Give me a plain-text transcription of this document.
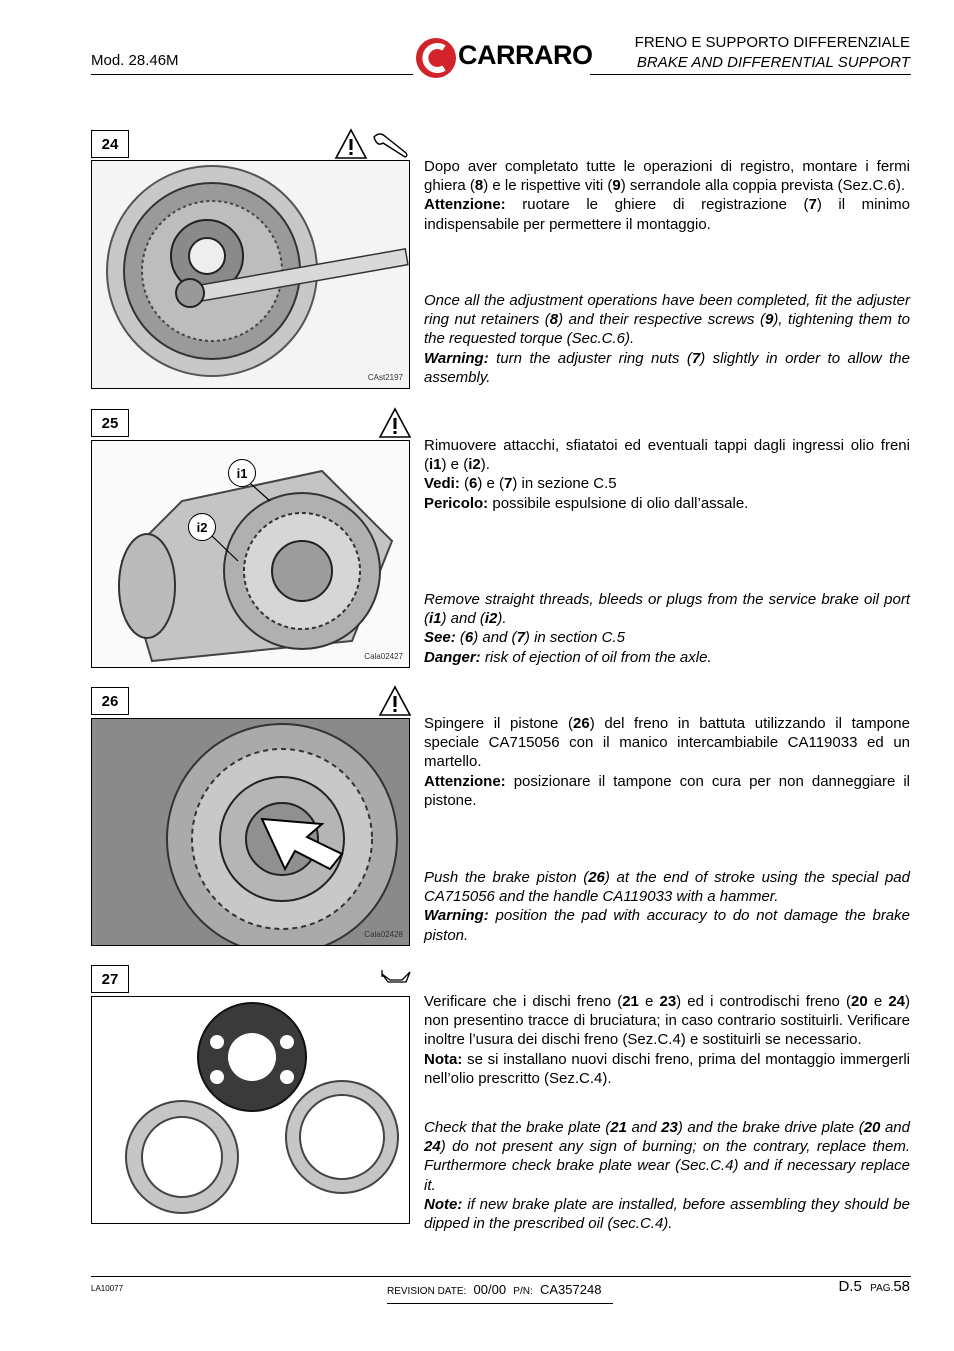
Mod. 28.46M	CARRARO	FRENO E SUPPORTO DIFFERENZIALE
BRAKE AND DIFFERENTIAL SUPPORT
24
CAst2197

Dopo aver completato tutte le operazioni di registro, montare i fermi ghiera (8) e le rispettive viti (9) serrandole alla coppia prevista (Sez.C.6).

Attenzione: ruotare le ghiere di registrazione (7) il minimo indispensabile per permettere il montaggio.

Once all the adjustment operations have been completed, fit the adjuster ring nut retainers (8) and their respective screws (9), tightening them to the requested torque (Sec.C.6).

Warning: turn the adjuster ring nuts (7) slightly in order to allow the assembly.

25
i1
i2
Cala02427

Rimuovere attacchi, sfiatatoi ed eventuali tappi dagli ingressi olio freni (i1) e (i2).

Vedi: (6) e (7) in sezione C.5

Pericolo: possibile espulsione di olio dall’assale.

Remove straight threads, bleeds or plugs from the service brake oil port (i1) and (i2).

See: (6) and (7) in section C.5

Danger: risk of ejection of oil from the axle.

26
Cala02428

Spingere il pistone (26) del freno in battuta utilizzando il tampone speciale CA715056 con il manico intercambiabile CA119033 ed un martello.

Attenzione: posizionare il tampone con cura per non danneggiare il pistone.

Push the brake piston (26) at the end of stroke using the special pad CA715056 and the handle CA119033 with a hammer.

Warning: position the pad with accuracy to do not damage the brake piston.

27

Verificare che i dischi freno (21 e 23) ed i controdischi freno (20 e 24) non presentino tracce di bruciatura; in caso contrario sostituirli. Verificare inoltre l’usura dei dischi freno (Sez.C.4) e sostituirli se necessario.

Nota: se si installano nuovi dischi freno, prima del montaggio immergerli nell’olio prescritto (Sez.C.4).

Check that the brake plate (21 and 23) and the brake drive plate (20 and 24) do not present any sign of burning; on the contrary, replace them. Furthermore check brake plate wear (Sec.C.4) and if necessary replace it.

Note: if new brake plate are installed, before assembling they should be dipped in the prescribed oil (sec.C.4).

LA10077	REVISION DATE: 00/00 P/N: CA357248	D.5 PAG.58
